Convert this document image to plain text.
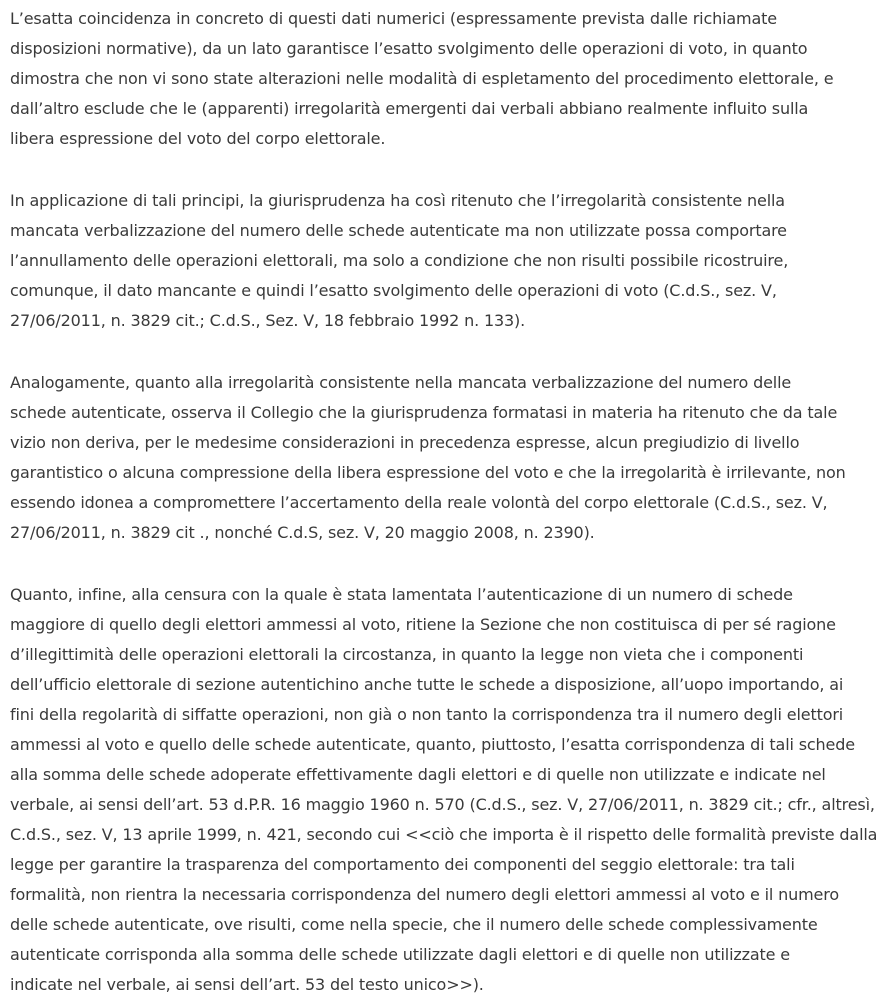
L’esatta coincidenza in concreto di questi dati numerici (espressamente prevista dalle richiamate
disposizioni normative), da un lato garantisce l’esatto svolgimento delle operazioni di voto, in quanto
dimostra che non vi sono state alterazioni nelle modalità di espletamento del procedimento elettorale, e
dall’altro esclude che le (apparenti) irregolarità emergenti dai verbali abbiano realmente influito sulla
libera espressione del voto del corpo elettorale.

In applicazione di tali principi, la giurisprudenza ha così ritenuto che l’irregolarità consistente nella
mancata verbalizzazione del numero delle schede autenticate ma non utilizzate possa comportare
l’annullamento delle operazioni elettorali, ma solo a condizione che non risulti possibile ricostruire,
comunque, il dato mancante e quindi l’esatto svolgimento delle operazioni di voto (C.d.S., sez. V,
27/06/2011, n. 3829 cit.; C.d.S., Sez. V, 18 febbraio 1992 n. 133).

Analogamente, quanto alla irregolarità consistente nella mancata verbalizzazione del numero delle
schede autenticate, osserva il Collegio che la giurisprudenza formatasi in materia ha ritenuto che da tale
vizio non deriva, per le medesime considerazioni in precedenza espresse, alcun pregiudizio di livello
garantistico o alcuna compressione della libera espressione del voto e che la irregolarità è irrilevante, non
essendo idonea a compromettere l’accertamento della reale volontà del corpo elettorale (C.d.S., sez. V,
27/06/2011, n. 3829 cit ., nonché C.d.S, sez. V, 20 maggio 2008, n. 2390).

Quanto, infine, alla censura con la quale è stata lamentata l’autenticazione di un numero di schede
maggiore di quello degli elettori ammessi al voto, ritiene la Sezione che non costituisca di per sé ragione
d’illegittimità delle operazioni elettorali la circostanza, in quanto la legge non vieta che i componenti
dell’ufficio elettorale di sezione autentichino anche tutte le schede a disposizione, all’uopo importando, ai
fini della regolarità di siffatte operazioni, non già o non tanto la corrispondenza tra il numero degli elettori
ammessi al voto e quello delle schede autenticate, quanto, piuttosto, l’esatta corrispondenza di tali schede
alla somma delle schede adoperate effettivamente dagli elettori e di quelle non utilizzate e indicate nel
verbale, ai sensi dell’art. 53 d.P.R. 16 maggio 1960 n. 570 (C.d.S., sez. V, 27/06/2011, n. 3829 cit.; cfr., altresì,
C.d.S., sez. V, 13 aprile 1999, n. 421, secondo cui <<ciò che importa è il rispetto delle formalità previste dalla
legge per garantire la trasparenza del comportamento dei componenti del seggio elettorale: tra tali
formalità, non rientra la necessaria corrispondenza del numero degli elettori ammessi al voto e il numero
delle schede autenticate, ove risulti, come nella specie, che il numero delle schede complessivamente
autenticate corrisponda alla somma delle schede utilizzate dagli elettori e di quelle non utilizzate e
indicate nel verbale, ai sensi dell’art. 53 del testo unico>>).
